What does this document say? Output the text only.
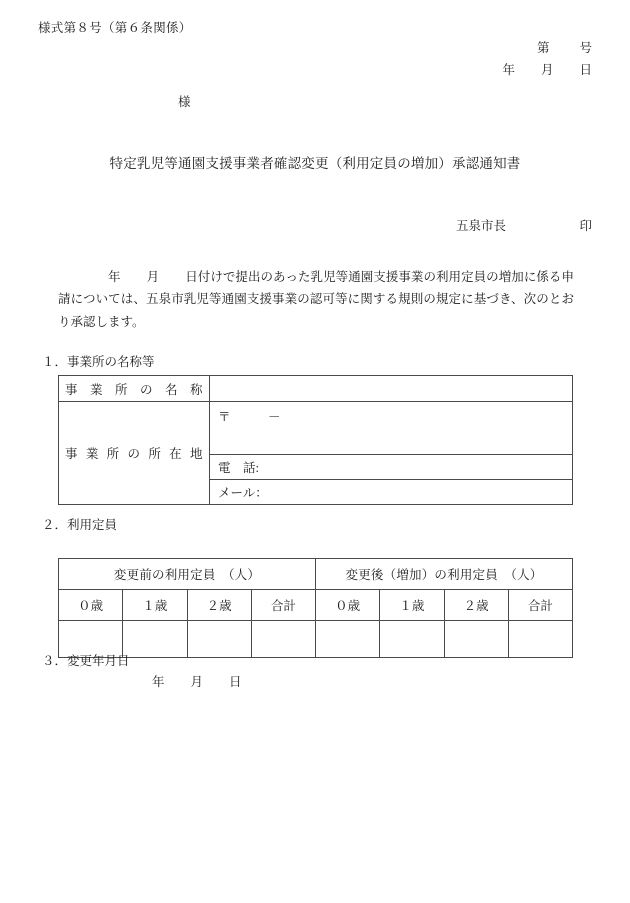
様式第８号（第６条関係）
第 号
年 月 日
様
特定乳児等通園支援事業者確認変更（利用定員の増加）承認通知書
五泉市長	印
年 月 日付けで提出のあった乳児等通園支援事業の利用定員の増加に係る申請については、五泉市乳児等通園支援事業の認可等に関する規則の規定に基づき、次のとおり承認します。
１．事業所の名称等
事業所の名称	
事業所の所在地	〒　　　－
	電　話:
	メール：
２．利用定員
変更前の利用定員　（人）				変更後（増加）の利用定員　（人）			
０歳	１歳	２歳	合計	０歳	１歳	２歳	合計

３．変更年月日
年 月 日
